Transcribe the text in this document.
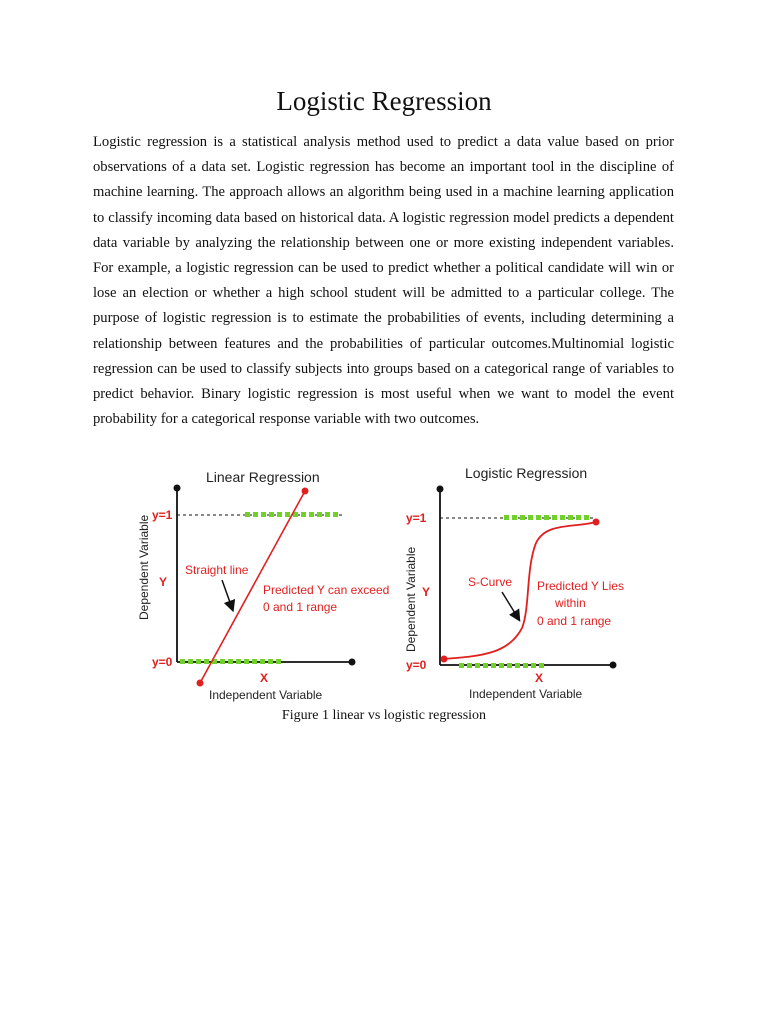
Logistic Regression

Logistic regression is a statistical analysis method used to predict a data value based on prior observations of a data set. Logistic regression has become an important tool in the discipline of machine learning. The approach allows an algorithm being used in a machine learning application to classify incoming data based on historical data. A logistic regression model predicts a dependent data variable by analyzing the relationship between one or more existing independent variables. For example, a logistic regression can be used to predict whether a political candidate will win or lose an election or whether a high school student will be admitted to a particular college. The purpose of logistic regression is to estimate the probabilities of events, including determining a relationship between features and the probabilities of particular outcomes.Multinomial logistic regression can be used to classify subjects into groups based on a categorical range of variables to predict behavior. Binary logistic regression is most useful when we want to model the event probability for a categorical response variable with two outcomes.

Linear Regression
y=1
y=0
Y
X
Independent Variable
Dependent Variable	Straight line
Predicted Y can exceed
0 and 1 range
Logistic Regression
y=1
y=0
Y
X
Independent Variable
Dependent Variable	S-Curve Predicted Y Lies
within
0 and 1 range
Figure 1 linear vs logistic regression
